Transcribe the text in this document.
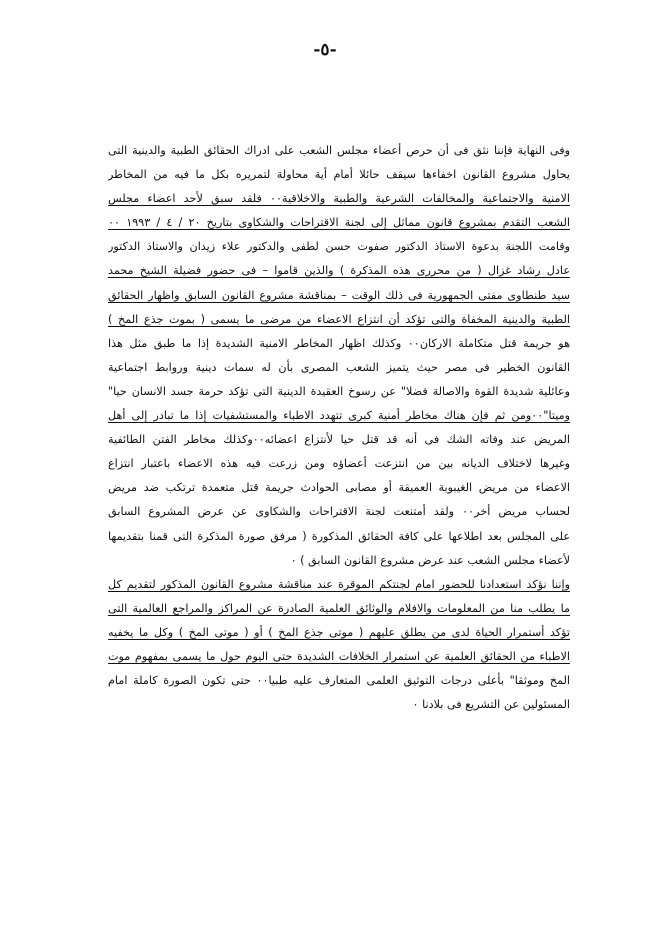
-٥-
وفى النهاية فإننا نثق فى أن حرص أعضاء مجلس الشعب على ادراك الحقائق الطبية والدينية التى
يحاول مشروع القانون اخفاءها سيقف حائلا أمام أية محاولة لتمريره بكل ما فيه من المخاطر
الامنية والاجتماعية والمخالفات الشرعية والطبية والاخلاقية٠٠ فلقد سبق لأحد اعضاء مجلس
الشعب التقدم بمشروع قانون مماثل إلى لجنة الاقتراحات والشكاوى بتاريخ ٢٠ / ٤ / ١٩٩٣ ٠٠
وقامت اللجنة بدعوة الاستاذ الدكتور صفوت حسن لطفى والدكتور علاء زيدان والاستاذ الدكتور
عادل رشاد غزال ( من محررى هذه المذكرة ) والذين قاموا – فى حضور فضيلة الشيخ محمد
سيد طنطاوى مفتى الجمهورية فى ذلك الوقت – بمناقشة مشروع القانون السابق واظهار الحقائق
الطبية والدينية المخفاة والتى تؤكد أن انتزاع الاعضاء من مرضى ما يسمى ( بموت جذع المخ )
هو جريمة قتل متكاملة الاركان٠٠ وكذلك اظهار المخاطر الامنية الشديدة إذا ما طبق مثل هذا
القانون الخطير فى مصر حيث يتميز الشعب المصرى بأن له سمات دينية وروابط اجتماعية
وعائلية شديدة القوة والاصالة فضلا" عن رسوخ العقيدة الدينية التى تؤكد حرمة جسد الانسان حيا"
وميتا"٠٠ومن ثم فإن هناك مخاطر أمنية كبرى تتهدد الاطباء والمستشفيات إذا ما تبادر إلى أهل
المريض عند وفاته الشك فى أنه قد قتل حيا لأنتزاع اعضائه٠٠وكذلك مخاطر الفتن الطائفية
وغيرها لاختلاف الديانه بين من انتزعت أعضاؤه ومن زرعت فيه هذه الاعضاء باعتبار انتزاع
الاعضاء من مريض الغيبوبة العميقة أو مصابى الحوادث جريمة قتل متعمدة ترتكب ضد مريض
لحساب مريض أخر٠٠ ولقد أمتنعت لجنة الاقتراحات والشكاوى عن عرض المشروع السابق
على المجلس بعد اطلاعها على كافة الحقائق المذكورة ( مرفق صورة المذكرة التى قمنا بتقديمها
لأعضاء مجلس الشعب عند عرض مشروع القانون السابق ) ٠
وإننا نؤكد استعدادنا للحضور امام لجنتكم الموقرة عند مناقشة مشروع القانون المذكور لتقديم كل
ما يطلب منا من المعلومات والافلام والوثائق العلمية الصادرة عن المراكز والمراجع العالمية التى
تؤكد أستمرار الحياة لدى من يطلق عليهم ( موتى جذع المخ ) أو ( موتى المخ ) وكل ما يخفيه
الاطباء من الحقائق العلمية عن استمرار الخلافات الشديدة حتى اليوم حول ما يسمى بمفهوم موت
المخ وموثقا" بأعلى درجات التوثيق العلمى المتعارف عليه طبيا٠٠ حتى تكون الصورة كاملة امام
المسئولين عن التشريع فى بلادنا ٠
